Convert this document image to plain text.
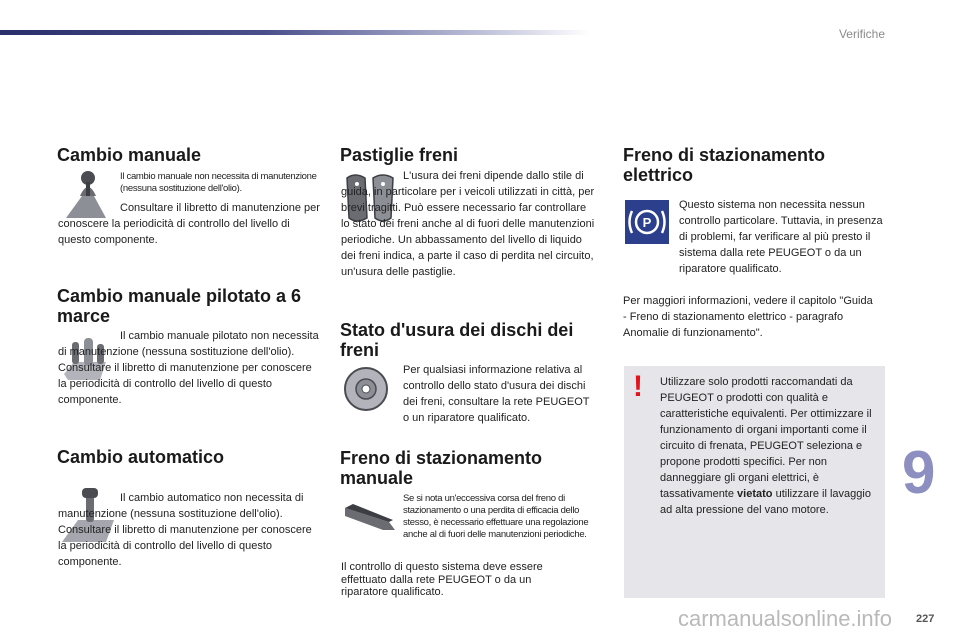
Verifiche
Cambio manuale
Il cambio manuale non necessita di manutenzione (nessuna sostituzione dell'olio).
Consultare il libretto di manutenzione per conoscere la periodicità di controllo del livello di questo componente.
Cambio manuale pilotato a 6 marce
Il cambio manuale pilotato non necessita di manutenzione (nessuna sostituzione dell'olio). Consultare il libretto di manutenzione per conoscere la periodicità di controllo del livello di questo componente.
Cambio automatico
Il cambio automatico non necessita di manutenzione (nessuna sostituzione dell'olio). Consultare il libretto di manutenzione per conoscere la periodicità di controllo del livello di questo componente.
Pastiglie freni
L'usura dei freni dipende dallo stile di guida, in particolare per i veicoli utilizzati in città, per brevi tragitti. Può essere necessario far controllare lo stato dei freni anche al di fuori delle manutenzioni periodiche. Un abbassamento del livello di liquido dei freni indica, a parte il caso di perdita nel circuito, un'usura delle pastiglie.
Stato d'usura dei dischi dei freni
Per qualsiasi informazione relativa al controllo dello stato d'usura dei dischi dei freni, consultare la rete PEUGEOT o un riparatore qualificato.
Freno di stazionamento manuale
Se si nota un'eccessiva corsa del freno di stazionamento o una perdita di efficacia dello stesso, è necessario effettuare una regolazione anche al di fuori delle manutenzioni periodiche.
Il controllo di questo sistema deve essere effettuato dalla rete PEUGEOT o da un riparatore qualificato.
Freno di stazionamento elettrico
P
Questo sistema non necessita nessun controllo particolare. Tuttavia, in presenza di problemi, far verificare al più presto il sistema dalla rete PEUGEOT o da un riparatore qualificato.
Per maggiori informazioni, vedere il capitolo "Guida - Freno di stazionamento elettrico - paragrafo Anomalie di funzionamento".
! Utilizzare solo prodotti raccomandati da PEUGEOT o prodotti con qualità e caratteristiche equivalenti. Per ottimizzare il funzionamento di organi importanti come il circuito di frenata, PEUGEOT seleziona e propone prodotti specifici. Per non danneggiare gli organi elettrici, è tassativamente vietato utilizzare il lavaggio ad alta pressione del vano motore.
9
carmanualsonline.info 227
